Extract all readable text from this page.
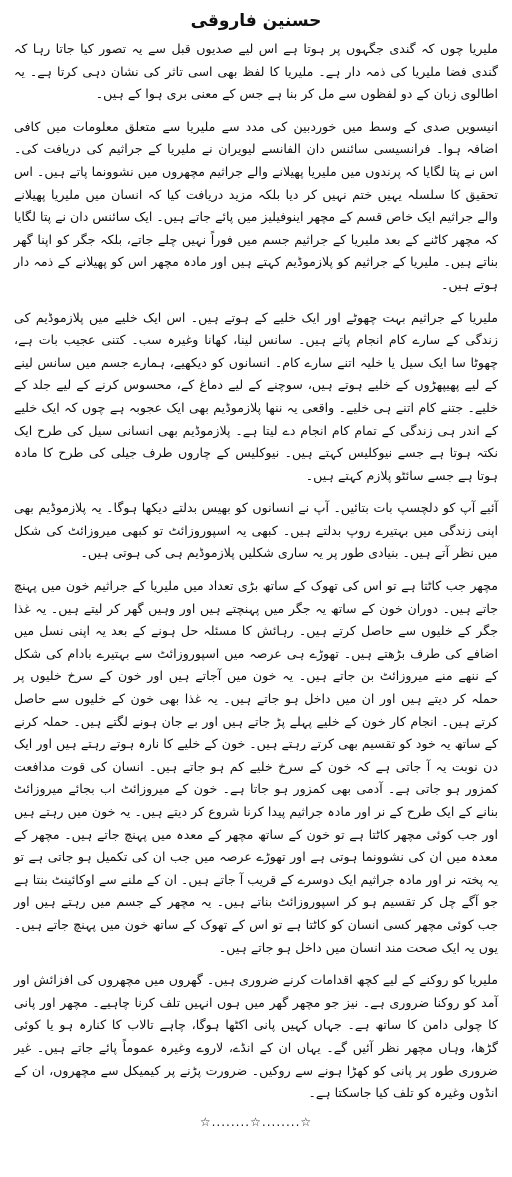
حسنین فاروقی

ملیریا چوں کہ گندی جگہوں پر ہوتا ہے اس لیے صدیوں قبل سے یہ تصور کیا جاتا رہا کہ گندی فضا ملیریا کی ذمہ دار ہے۔ ملیریا کا لفظ بھی اسی تاثر کی نشان دہی کرتا ہے۔ یہ اطالوی زبان کے دو لفظوں سے مل کر بنا ہے جس کے معنی بری ہوا کے ہیں۔

انیسویں صدی کے وسط میں خوردبین کی مدد سے ملیریا سے متعلق معلومات میں کافی اضافہ ہوا۔ فرانسیسی سائنس دان الفانسے لیویران نے ملیریا کے جراثیم کی دریافت کی۔ اس نے پتا لگایا کہ پرندوں میں ملیریا پھیلانے والے جراثیم مچھروں میں نشوونما پاتے ہیں۔ اس تحقیق کا سلسلہ یہیں ختم نہیں کر دیا بلکہ مزید دریافت کیا کہ انسان میں ملیریا پھیلانے والے جراثیم ایک خاص قسم کے مچھر اینوفیلیز میں پائے جاتے ہیں۔ ایک سائنس دان نے پتا لگایا کہ مچھر کاٹنے کے بعد ملیریا کے جراثیم جسم میں فوراً نہیں چلے جاتے، بلکہ جگر کو اپنا گھر بناتے ہیں۔ ملیریا کے جراثیم کو پلازموڈیم کہتے ہیں اور مادہ مچھر اس کو پھیلانے کے ذمہ دار ہوتے ہیں۔

ملیریا کے جراثیم بہت چھوٹے اور ایک خلیے کے ہوتے ہیں۔ اس ایک خلیے میں پلازموڈیم کی زندگی کے سارے کام انجام پاتے ہیں۔ سانس لینا، کھانا وغیرہ سب۔ کتنی عجیب بات ہے، چھوٹا سا ایک سیل یا خلیہ اتنے سارے کام۔ انسانوں کو دیکھیے، ہمارے جسم میں سانس لینے کے لیے پھیپھڑوں کے خلیے ہوتے ہیں، سوچنے کے لیے دماغ کے، محسوس کرنے کے لیے جلد کے خلیے۔ جتنے کام اتنے ہی خلیے۔ واقعی یہ ننھا پلازموڈیم بھی ایک عجوبہ ہے چوں کہ ایک خلیے کے اندر ہی زندگی کے تمام کام انجام دے لیتا ہے۔ پلازموڈیم بھی انسانی سیل کی طرح ایک نکتہ ہوتا ہے جسے نیوکلیس کہتے ہیں۔ نیوکلیس کے چاروں طرف جیلی کی طرح کا مادہ ہوتا ہے جسے سائٹو پلازم کہتے ہیں۔

آئیے آپ کو دلچسپ بات بتائیں۔ آپ نے انسانوں کو بھیس بدلتے دیکھا ہوگا۔ یہ پلازموڈیم بھی اپنی زندگی میں بہتیرے روپ بدلتے ہیں۔ کبھی یہ اسپوروزائٹ تو کبھی میروزائٹ کی شکل میں نظر آتے ہیں۔ بنیادی طور پر یہ ساری شکلیں پلازموڈیم ہی کی ہوتی ہیں۔

مچھر جب کاٹتا ہے تو اس کی تھوک کے ساتھ بڑی تعداد میں ملیریا کے جراثیم خون میں پہنچ جاتے ہیں۔ دوران خون کے ساتھ یہ جگر میں پہنچتے ہیں اور وہیں گھر کر لیتے ہیں۔ یہ غذا جگر کے خلیوں سے حاصل کرتے ہیں۔ رہائش کا مسئلہ حل ہونے کے بعد یہ اپنی نسل میں اضافے کی طرف بڑھتے ہیں۔ تھوڑے ہی عرصہ میں اسپوروزائٹ سے بہتیرے بادام کی شکل کے ننھے منے میروزائٹ بن جاتے ہیں۔ یہ خون میں آجاتے ہیں اور خون کے سرخ خلیوں پر حملہ کر دیتے ہیں اور ان میں داخل ہو جاتے ہیں۔ یہ غذا بھی خون کے خلیوں سے حاصل کرتے ہیں۔ انجام کار خون کے خلیے پہلے پڑ جاتے ہیں اور بے جان ہونے لگتے ہیں۔ حملہ کرنے کے ساتھ یہ خود کو تقسیم بھی کرتے رہتے ہیں۔ خون کے خلیے کا نارہ ہوتے رہتے ہیں اور ایک دن نوبت یہ آ جاتی ہے کہ خون کے سرخ خلیے کم ہو جاتے ہیں۔ انسان کی قوت مدافعت کمزور ہو جاتی ہے۔ آدمی بھی کمزور ہو جاتا ہے۔ خون کے میروزائٹ اب بجائے میروزائٹ بنانے کے ایک طرح کے نر اور مادہ جراثیم پیدا کرنا شروع کر دیتے ہیں۔ یہ خون میں رہتے ہیں اور جب کوئی مچھر کاٹتا ہے تو خون کے ساتھ مچھر کے معدہ میں پہنچ جاتے ہیں۔ مچھر کے معدہ میں ان کی نشوونما ہوتی ہے اور تھوڑے عرصہ میں جب ان کی تکمیل ہو جاتی ہے تو یہ پختہ نر اور مادہ جراثیم ایک دوسرے کے قریب آ جاتے ہیں۔ ان کے ملنے سے اوکائینٹ بنتا ہے جو آگے چل کر تقسیم ہو کر اسپوروزائٹ بناتے ہیں۔ یہ مچھر کے جسم میں رہتے ہیں اور جب کوئی مچھر کسی انسان کو کاٹتا ہے تو اس کے تھوک کے ساتھ خون میں پہنچ جاتے ہیں۔ یوں یہ ایک صحت مند انسان میں داخل ہو جاتے ہیں۔

ملیریا کو روکنے کے لیے کچھ اقدامات کرنے ضروری ہیں۔ گھروں میں مچھروں کی افزائش اور آمد کو روکنا ضروری ہے۔ نیز جو مچھر گھر میں ہوں انہیں تلف کرنا چاہیے۔ مچھر اور پانی کا چولی دامن کا ساتھ ہے۔ جہاں کہیں پانی اکٹھا ہوگا، چاہے تالاب کا کنارہ ہو یا کوئی گڑھا، وہاں مچھر نظر آئیں گے۔ یہاں ان کے انڈے، لاروے وغیرہ عموماً پائے جاتے ہیں۔ غیر ضروری طور پر پانی کو کھڑا ہونے سے روکیں۔ ضرورت پڑنے پر کیمیکل سے مچھروں، ان کے انڈوں وغیرہ کو تلف کیا جاسکتا ہے۔

☆........☆........☆
